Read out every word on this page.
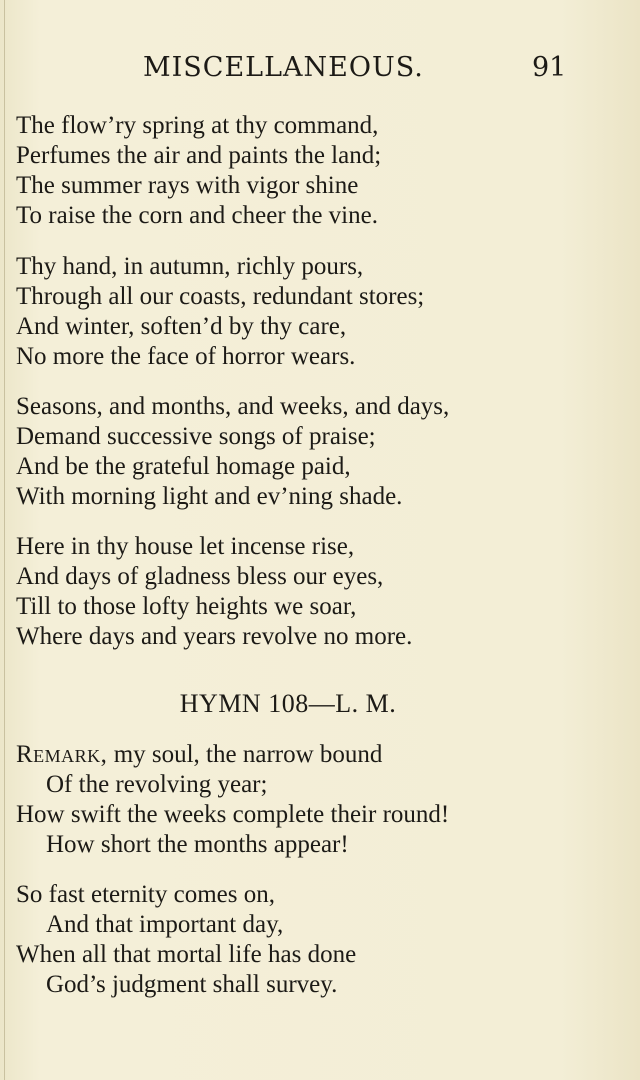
MISCELLANEOUS.	91
The flow’ry spring at thy command,
Perfumes the air and paints the land;
The summer rays with vigor shine
To raise the corn and cheer the vine.
Thy hand, in autumn, richly pours,
Through all our coasts, redundant stores;
And winter, soften’d by thy care,
No more the face of horror wears.
Seasons, and months, and weeks, and days,
Demand successive songs of praise;
And be the grateful homage paid,
With morning light and ev’ning shade.
Here in thy house let incense rise,
And days of gladness bless our eyes,
Till to those lofty heights we soar,
Where days and years revolve no more.
HYMN 108—L. M.
Remark, my soul, the narrow bound
Of the revolving year;
How swift the weeks complete their round!
How short the months appear!
So fast eternity comes on,
And that important day,
When all that mortal life has done
God’s judgment shall survey.
